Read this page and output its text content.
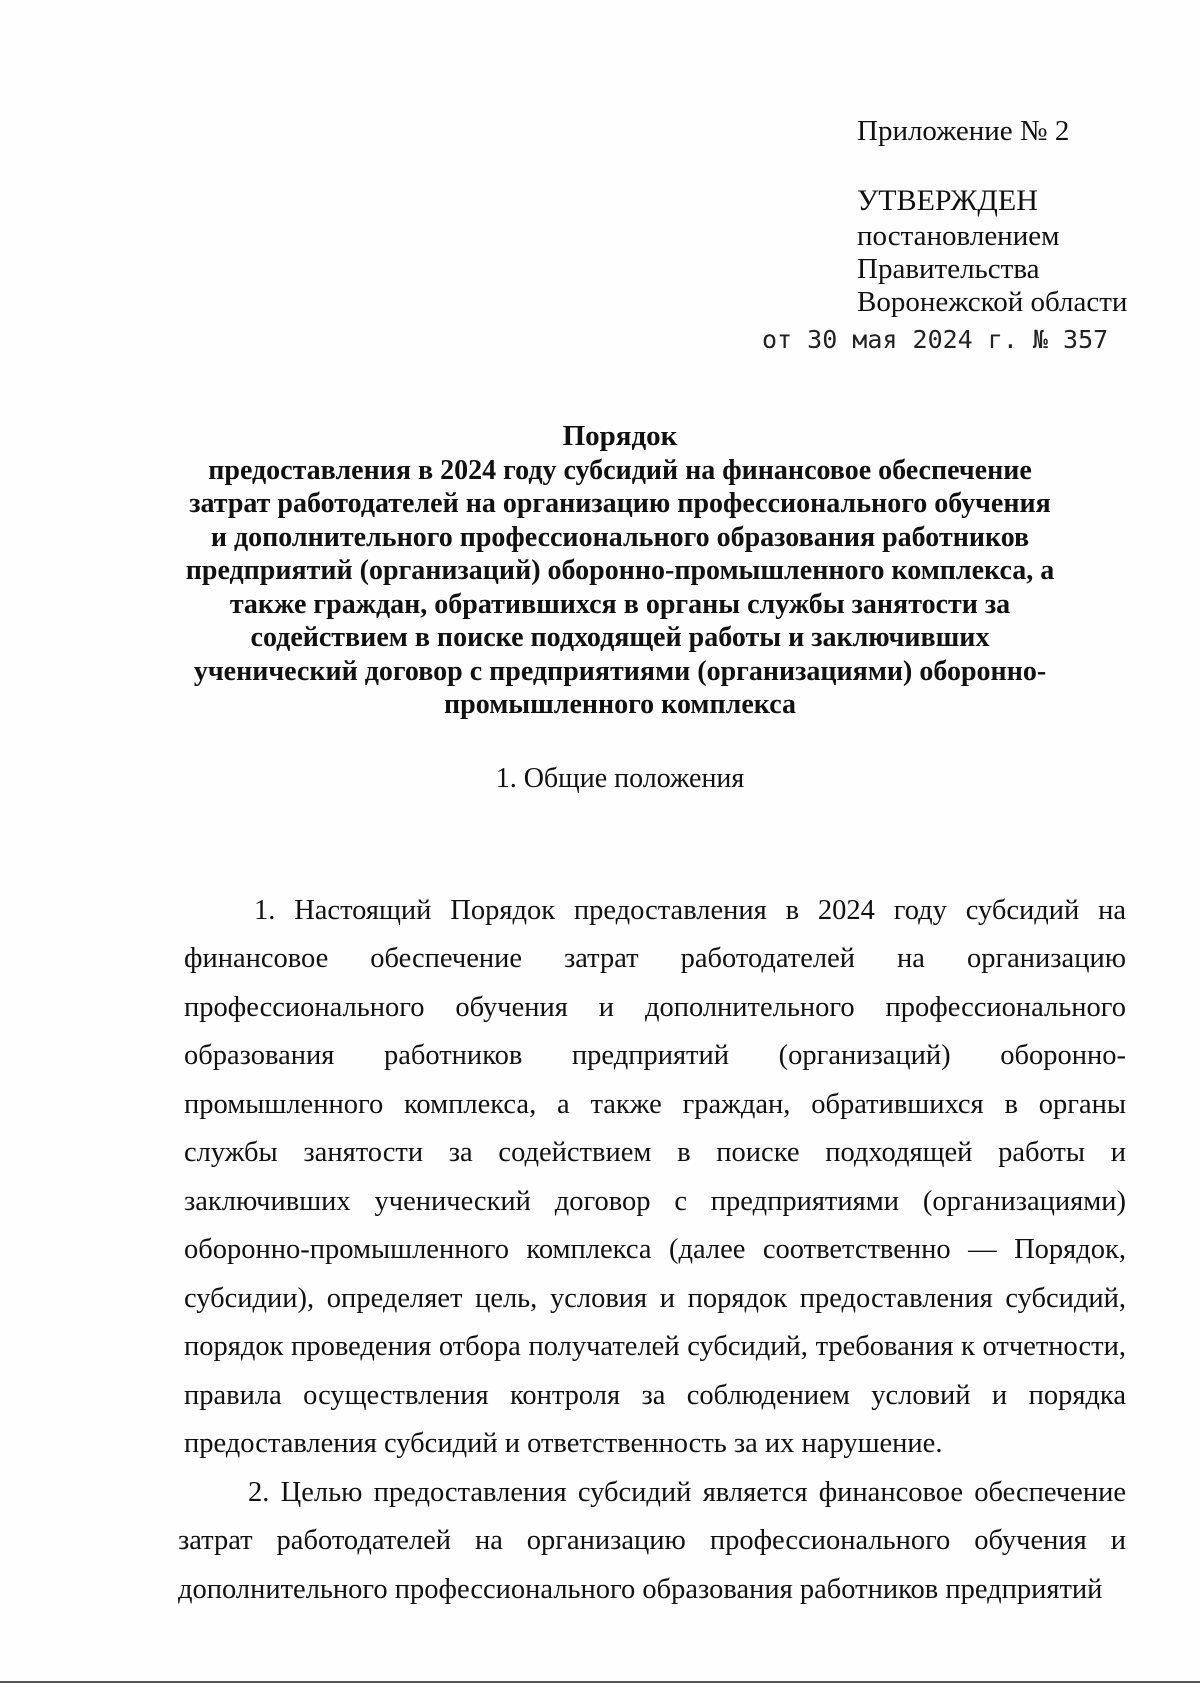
Приложение № 2
УТВЕРЖДЕН
постановлением
Правительства
Воронежской области
от 30 мая 2024 г. № 357
Порядок
предоставления в 2024 году субсидий на финансовое обеспечение затрат работодателей на организацию профессионального обучения и дополнительного профессионального образования работников предприятий (организаций) оборонно-промышленного комплекса, а также граждан, обратившихся в органы службы занятости за содействием в поиске подходящей работы и заключивших ученический договор с предприятиями (организациями) оборонно-промышленного комплекса
1. Общие положения

1. Настоящий Порядок предоставления в 2024 году субсидий на финансовое обеспечение затрат работодателей на организацию профессионального обучения и дополнительного профессионального образования работников предприятий (организаций) оборонно-промышленного комплекса, а также граждан, обратившихся в органы службы занятости за содействием в поиске подходящей работы и заключивших ученический договор с предприятиями (организациями) оборонно-промышленного комплекса (далее соответственно — Порядок, субсидии), определяет цель, условия и порядок предоставления субсидий, порядок проведения отбора получателей субсидий, требования к отчетности, правила осуществления контроля за соблюдением условий и порядка предоставления субсидий и ответственность за их нарушение.

2. Целью предоставления субсидий является финансовое обеспечение затрат работодателей на организацию профессионального обучения и дополнительного профессионального образования работников предприятий
